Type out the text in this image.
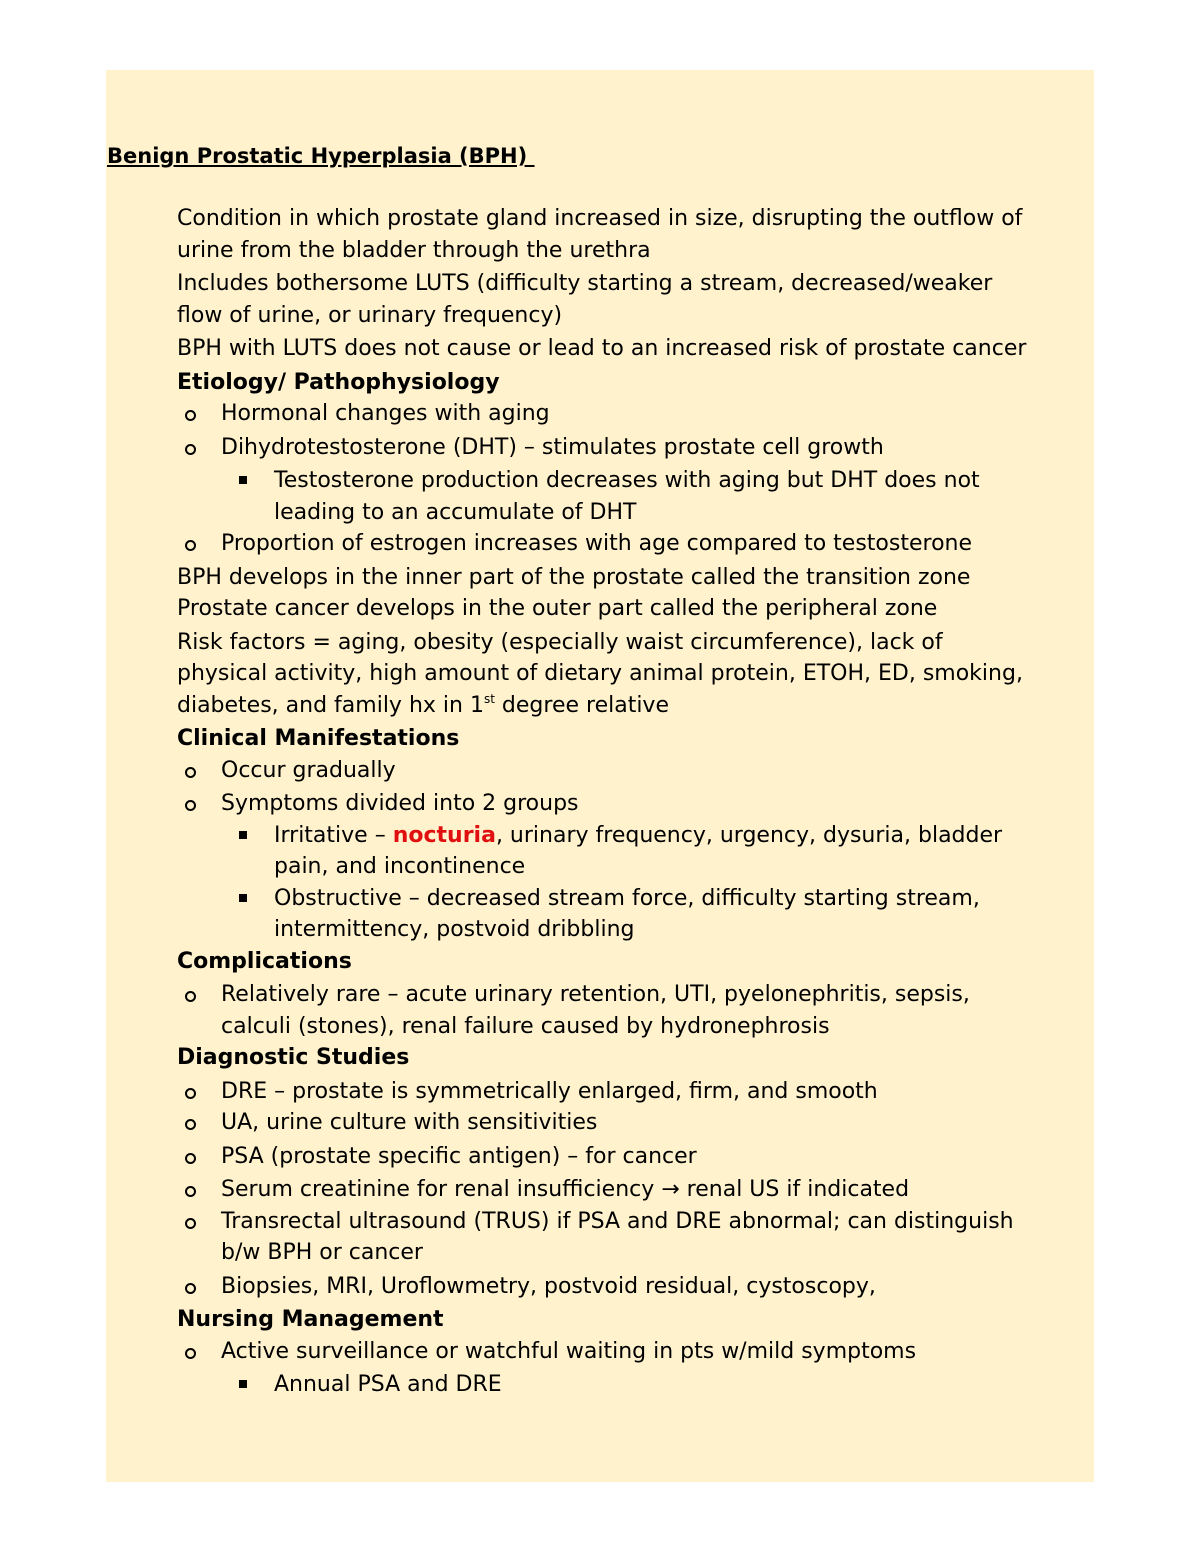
Benign Prostatic Hyperplasia (BPH)
Condition in which prostate gland increased in size, disrupting the outflow of
urine from the bladder through the urethra
Includes bothersome LUTS (difficulty starting a stream, decreased/weaker
flow of urine, or urinary frequency)
BPH with LUTS does not cause or lead to an increased risk of prostate cancer
Etiology/ Pathophysiology
Hormonal changes with aging
Dihydrotestosterone (DHT) – stimulates prostate cell growth
Testosterone production decreases with aging but DHT does not
leading to an accumulate of DHT
Proportion of estrogen increases with age compared to testosterone
BPH develops in the inner part of the prostate called the transition zone
Prostate cancer develops in the outer part called the peripheral zone
Risk factors = aging, obesity (especially waist circumference), lack of
physical activity, high amount of dietary animal protein, ETOH, ED, smoking,
diabetes, and family hx in 1st degree relative
Clinical Manifestations
Occur gradually
Symptoms divided into 2 groups
Irritative – nocturia, urinary frequency, urgency, dysuria, bladder
pain, and incontinence
Obstructive – decreased stream force, difficulty starting stream,
intermittency, postvoid dribbling
Complications
Relatively rare – acute urinary retention, UTI, pyelonephritis, sepsis,
calculi (stones), renal failure caused by hydronephrosis
Diagnostic Studies
DRE – prostate is symmetrically enlarged, firm, and smooth
UA, urine culture with sensitivities
PSA (prostate specific antigen) – for cancer
Serum creatinine for renal insufficiency → renal US if indicated
Transrectal ultrasound (TRUS) if PSA and DRE abnormal; can distinguish
b/w BPH or cancer
Biopsies, MRI, Uroflowmetry, postvoid residual, cystoscopy,
Nursing Management
Active surveillance or watchful waiting in pts w/mild symptoms
Annual PSA and DRE
